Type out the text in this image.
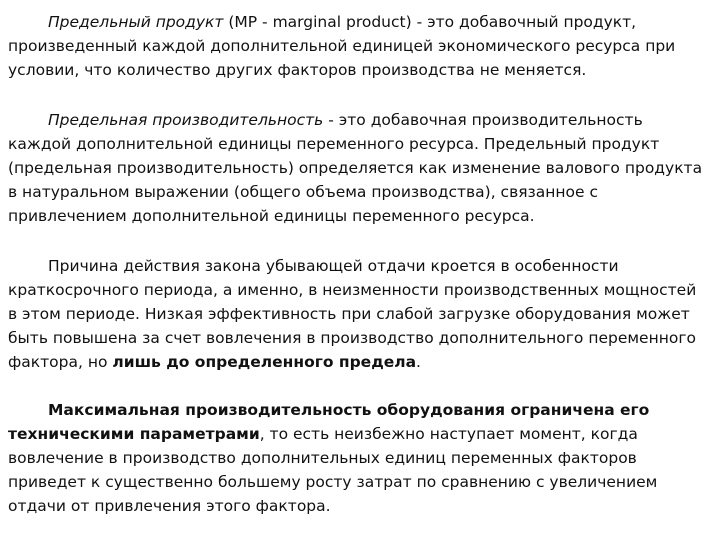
Предельный продукт (МР - marginal product) - это добавочный продукт, произведенный каждой дополнительной единицей экономического ресурса при условии, что количество других факторов производства не меняется.

Предельная производительность - это добавочная производительность каждой дополнительной единицы переменного ресурса. Предельный продукт (предельная производительность) определяется как изменение валового продукта в натуральном выражении (общего объема производства), связанное с привлечением дополнительной единицы переменного ресурса.

Причина действия закона убывающей отдачи кроется в особенности краткосрочного периода, а именно, в неизменности производственных мощностей в этом периоде. Низкая эффективность при слабой загрузке оборудования может быть повышена за счет вовлечения в производство дополнительного переменного фактора, но лишь до определенного предела.

Максимальная производительность оборудования ограничена его техническими параметрами, то есть неизбежно наступает момент, когда вовлечение в производство дополнительных единиц переменных факторов приведет к существенно большему росту затрат по сравнению с увеличением отдачи от привлечения этого фактора.
